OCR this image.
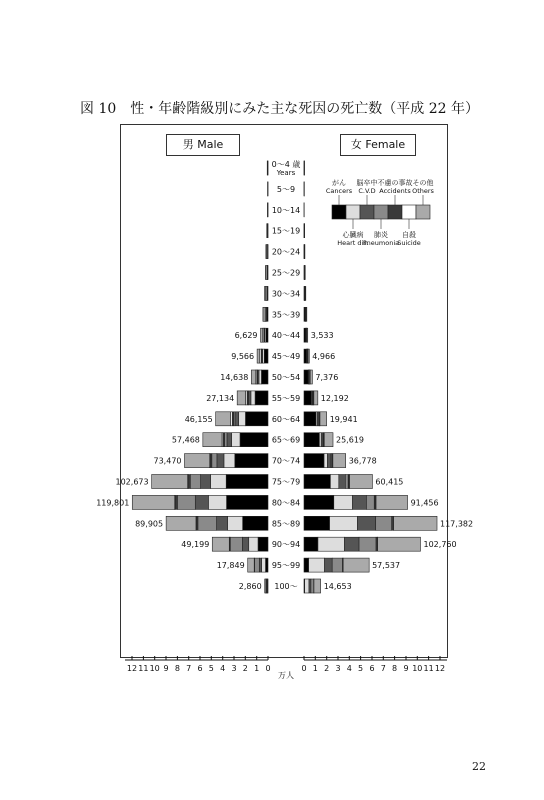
図 10　性・年齢階級別にみた主な死因の死亡数（平成 22 年）
男 Male	女 Female
0～4 歳
Years
5～9
10～14
15～19
20～24
25～29
30～34
35～39
6,629	3,533
40～44
9,566	4,966
45～49
14,638	7,376
50～54
27,134	12,192
55～59
46,155	19,941
60～64
57,468	25,619
65～69
73,470	36,778
70～74
102,673	60,415
75～79
119,801	91,456
80～84
89,905	117,382
85～89
49,199	102,760
90～94
17,849	57,537
95～99
2,860	14,653
100～
12	12
11	11
10	10
9	9
8	8
7	7
6	6
5	5
4	4
3	3
2	2
1	1
0	0
万人
がん
Cancers
心臓病
Heart dis.
脳卒中
C.V.D
肺炎
Pneumonia
不慮の事故
Accidents
自殺
Suicide
その他
Others
22
